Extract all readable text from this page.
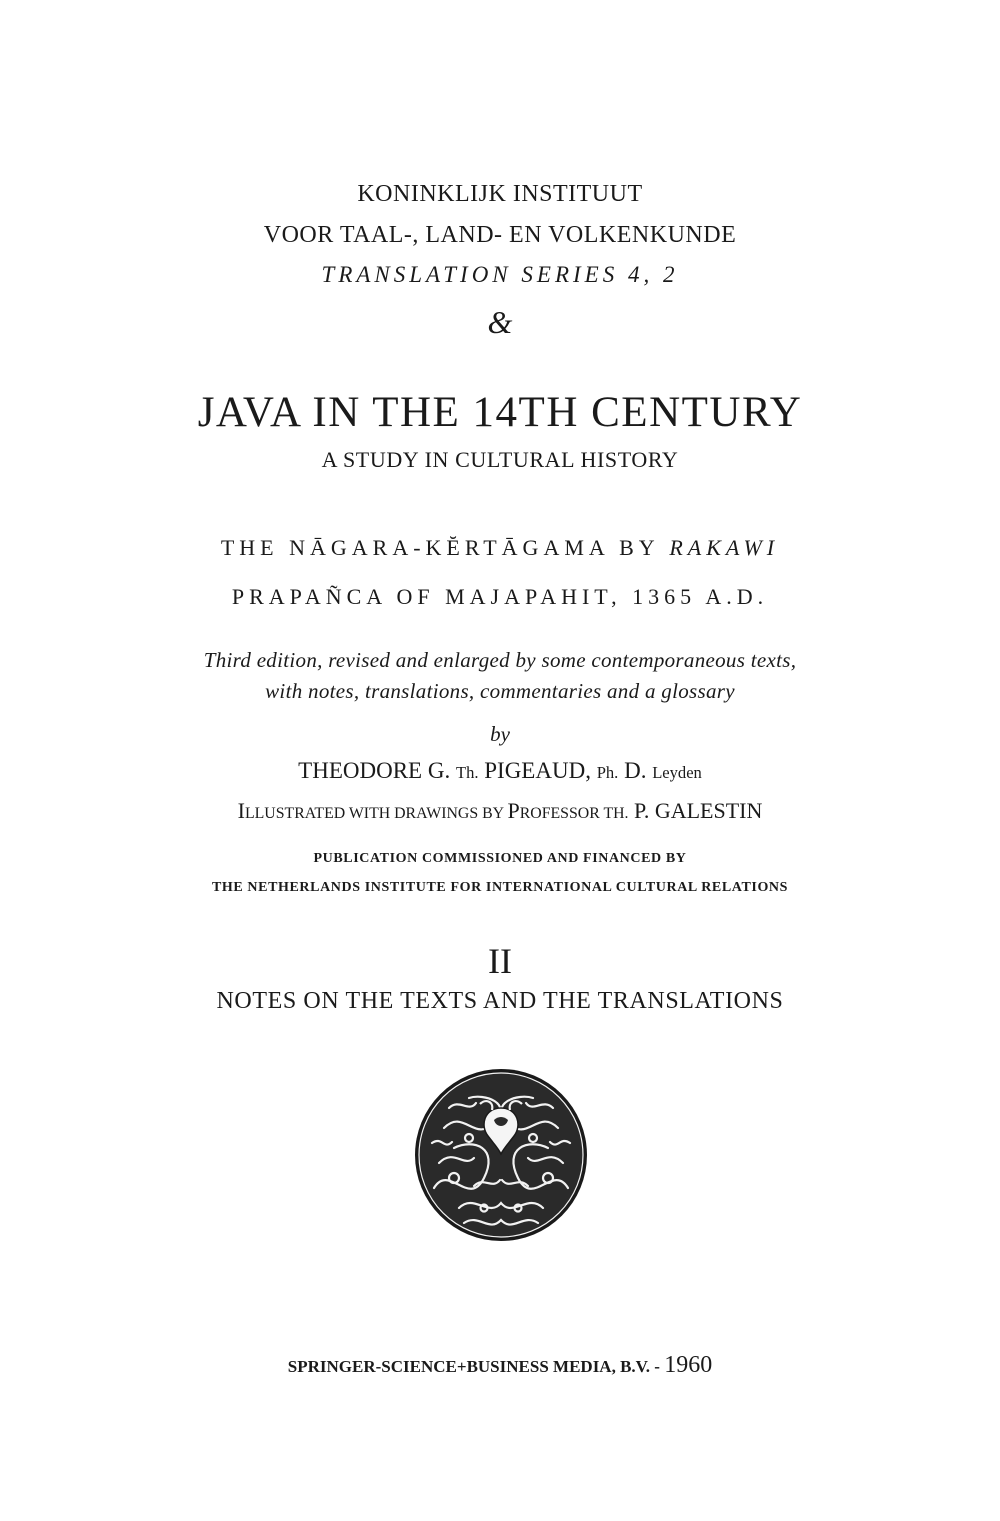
KONINKLIJK INSTITUUT

VOOR TAAL-, LAND- EN VOLKENKUNDE

TRANSLATION SERIES 4, 2

&

JAVA IN THE 14TH CENTURY

A STUDY IN CULTURAL HISTORY

THE NĀGARA-KĔRTĀGAMA BY RAKAWI

PRAPAÑCA OF MAJAPAHIT, 1365 A.D.

Third edition, revised and enlarged by some contemporaneous texts,

with notes, translations, commentaries and a glossary

by

THEODORE G. Th. PIGEAUD, Ph. D. Leyden

ILLUSTRATED WITH DRAWINGS BY PROFESSOR TH. P. GALESTIN

PUBLICATION COMMISSIONED AND FINANCED BY

THE NETHERLANDS INSTITUTE FOR INTERNATIONAL CULTURAL RELATIONS

II

NOTES ON THE TEXTS AND THE TRANSLATIONS

SPRINGER-SCIENCE+BUSINESS MEDIA, B.V. - 1960
